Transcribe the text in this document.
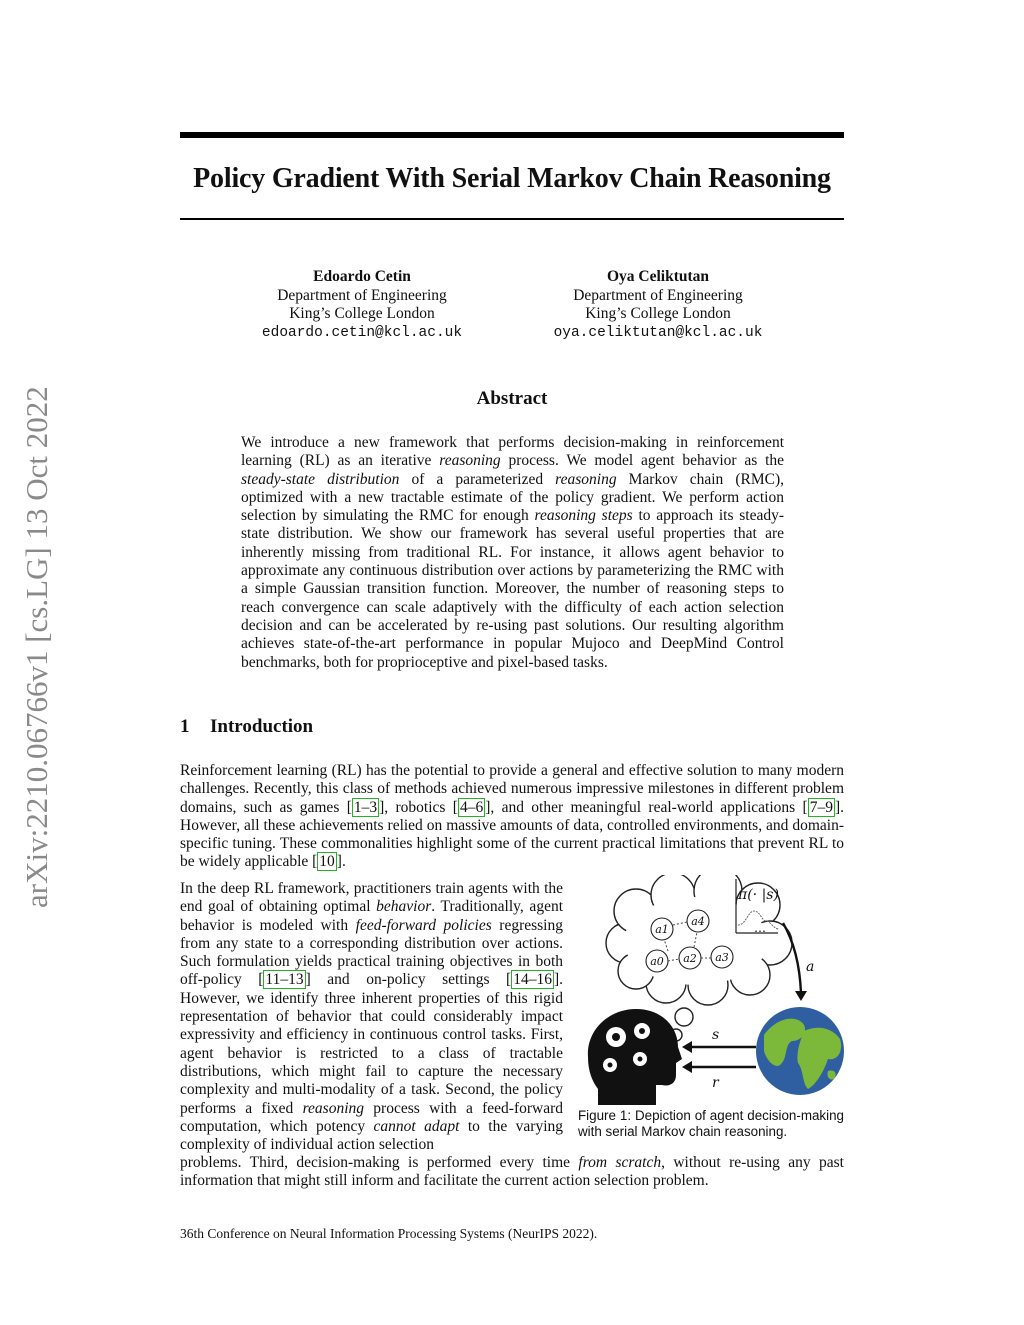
Policy Gradient With Serial Markov Chain Reasoning
arXiv:2210.06766v1 [cs.LG] 13 Oct 2022
Edoardo Cetin
Department of Engineering
King’s College London
edoardo.cetin@kcl.ac.uk
Oya Celiktutan
Department of Engineering
King’s College London
oya.celiktutan@kcl.ac.uk
Abstract
We introduce a new framework that performs decision-making in reinforcement learning (RL) as an iterative reasoning process. We model agent behavior as the steady-state distribution of a parameterized reasoning Markov chain (RMC), optimized with a new tractable estimate of the policy gradient. We perform action selection by simulating the RMC for enough reasoning steps to approach its steady-state distribution. We show our framework has several useful properties that are inherently missing from traditional RL. For instance, it allows agent behavior to approximate any continuous distribution over actions by parameterizing the RMC with a simple Gaussian transition function. Moreover, the number of reasoning steps to reach convergence can scale adaptively with the difficulty of each action selection decision and can be accelerated by re-using past solutions. Our resulting algorithm achieves state-of-the-art performance in popular Mujoco and DeepMind Control benchmarks, both for proprioceptive and pixel-based tasks.
1 Introduction
Reinforcement learning (RL) has the potential to provide a general and effective solution to many modern challenges. Recently, this class of methods achieved numerous impressive milestones in different problem domains, such as games [ 1–3 ], robotics [ 4–6 ], and other meaningful real-world applications [ 7–9 ]. However, all these achievements relied on massive amounts of data, controlled environments, and domain-specific tuning. These commonalities highlight some of the current practical limitations that prevent RL to be widely applicable [ 10 ].
In the deep RL framework, practitioners train agents with the end goal of obtaining optimal behavior. Traditionally, agent behavior is modeled with feed-forward policies regressing from any state to a corresponding distribution over actions. Such formulation yields practical training objectives in both off-policy [ 11–13 ] and on-policy settings [ 14–16 ]. However, we identify three inherent properties of this rigid representation of behavior that could considerably impact expressivity and efficiency in continuous control tasks. First, agent behavior is restricted to a class of tractable distributions, which might fail to capture the necessary complexity and multi-modality of a task. Second, the policy performs a fixed reasoning process with a feed-forward computation, which potency cannot adapt to the varying complexity of individual action selection
problems. Third, decision-making is performed every time from scratch, without re-using any past information that might still inform and facilitate the current action selection problem.
a4
a1
a0 a2 a3
π(· |s)
⋯
a
s
r
Figure 1: Depiction of agent decision-making with serial Markov chain reasoning.
36th Conference on Neural Information Processing Systems (NeurIPS 2022).
